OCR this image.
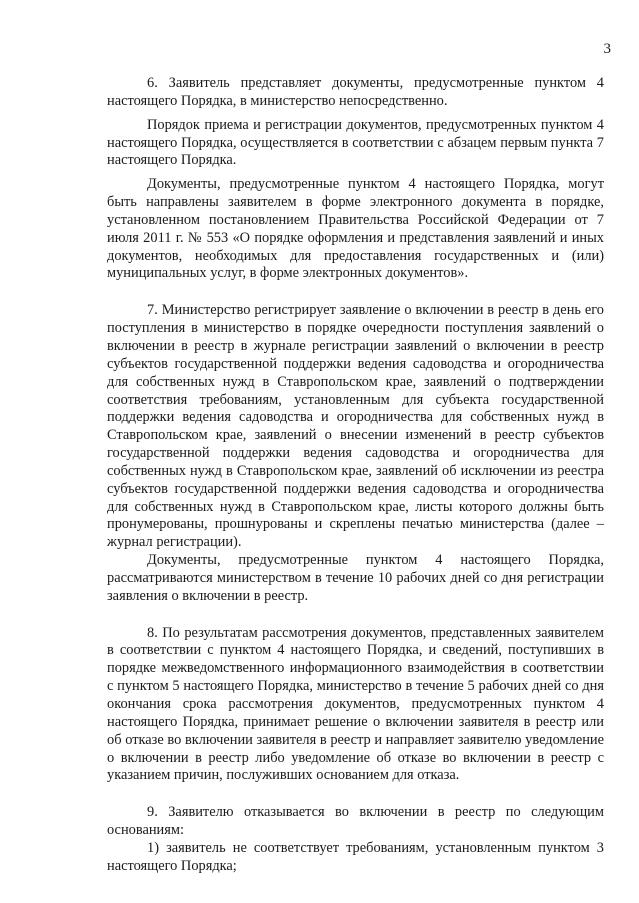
3

6. Заявитель представляет документы, предусмотренные пунктом 4 настоящего Порядка, в министерство непосредственно.

Порядок приема и регистрации документов, предусмотренных пунктом 4 настоящего Порядка, осуществляется в соответствии с абзацем первым пункта 7 настоящего Порядка.

Документы, предусмотренные пунктом 4 настоящего Порядка, могут быть направлены заявителем в форме электронного документа в порядке, установленном постановлением Правительства Российской Федерации от 7 июля 2011 г. № 553 «О порядке оформления и представления заявлений и иных документов, необходимых для предоставления государственных и (или) муниципальных услуг, в форме электронных документов».

7. Министерство регистрирует заявление о включении в реестр в день его поступления в министерство в порядке очередности поступления заявлений о включении в реестр в журнале регистрации заявлений о включении в реестр субъектов государственной поддержки ведения садоводства и огородничества для собственных нужд в Ставропольском крае, заявлений о подтверждении соответствия требованиям, установленным для субъекта государственной поддержки ведения садоводства и огородничества для собственных нужд в Ставропольском крае, заявлений о внесении изменений в реестр субъектов государственной поддержки ведения садоводства и огородничества для собственных нужд в Ставропольском крае, заявлений об исключении из реестра субъектов государственной поддержки ведения садоводства и огородничества для собственных нужд в Ставропольском крае, листы которого должны быть пронумерованы, прошнурованы и скреплены печатью министерства (далее – журнал регистрации).

Документы, предусмотренные пунктом 4 настоящего Порядка, рассматриваются министерством в течение 10 рабочих дней со дня регистрации заявления о включении в реестр.

8. По результатам рассмотрения документов, представленных заявителем в соответствии с пунктом 4 настоящего Порядка, и сведений, поступивших в порядке межведомственного информационного взаимодействия в соответствии с пунктом 5 настоящего Порядка, министерство в течение 5 рабочих дней со дня окончания срока рассмотрения документов, предусмотренных пунктом 4 настоящего Порядка, принимает решение о включении заявителя в реестр или об отказе во включении заявителя в реестр и направляет заявителю уведомление о включении в реестр либо уведомление об отказе во включении в реестр с указанием причин, послуживших основанием для отказа.

9. Заявителю отказывается во включении в реестр по следующим основаниям:

1) заявитель не соответствует требованиям, установленным пунктом 3 настоящего Порядка;
